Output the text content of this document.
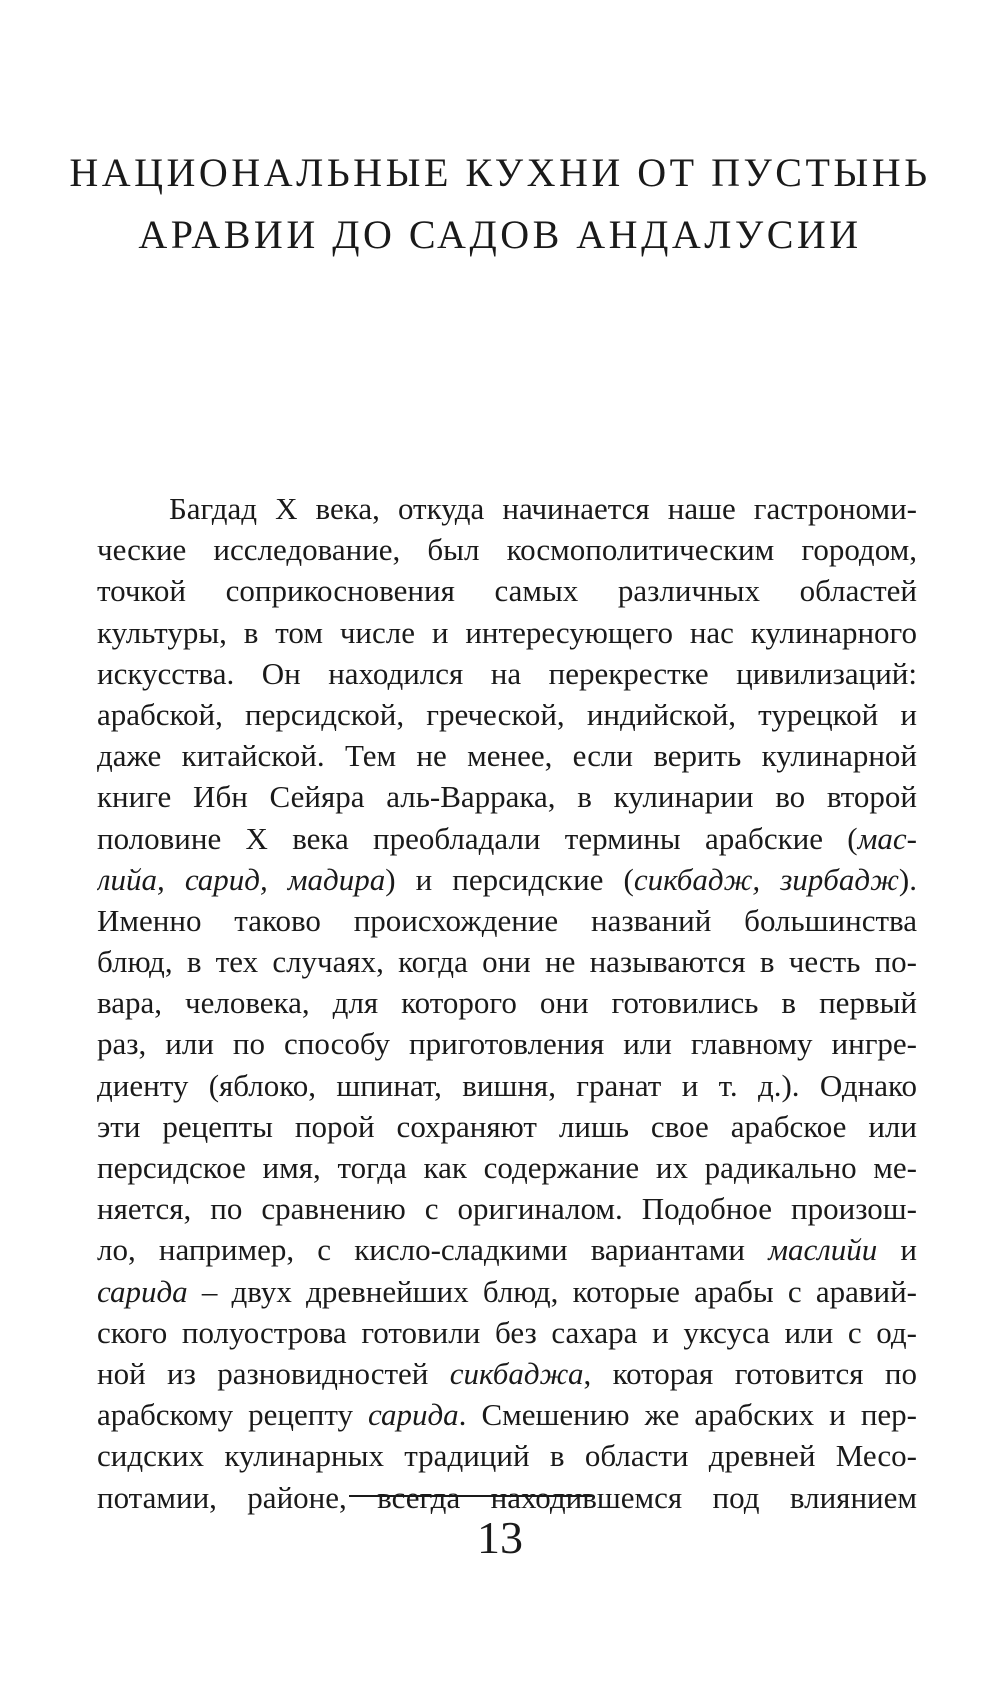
НАЦИОНАЛЬНЫЕ КУХНИ ОТ ПУСТЫНЬ
АРАВИИ ДО САДОВ АНДАЛУСИИ
Багдад X века, откуда начинается наше гастрономи-
ческие исследование, был космополитическим городом,
точкой соприкосновения самых различных областей
культуры, в том числе и интересующего нас кулинарного
искусства. Он находился на перекрестке цивилизаций:
арабской, персидской, греческой, индийской, турецкой и
даже китайской. Тем не менее, если верить кулинарной
книге Ибн Сейяра аль-Варрака, в кулинарии во второй
половине X века преобладали термины арабские (мас-
лийа, сарид, мадира) и персидские (сикбадж, зирбадж).
Именно таково происхождение названий большинства
блюд, в тех случаях, когда они не называются в честь по-
вара, человека, для которого они готовились в первый
раз, или по способу приготовления или главному ингре-
диенту (яблоко, шпинат, вишня, гранат и т. д.). Однако
эти рецепты порой сохраняют лишь свое арабское или
персидское имя, тогда как содержание их радикально ме-
няется, по сравнению с оригиналом. Подобное произош-
ло, например, с кисло-сладкими вариантами маслийи и
сарида – двух древнейших блюд, которые арабы с аравий-
ского полуострова готовили без сахара и уксуса или с од-
ной из разновидностей сикбаджа, которая готовится по
арабскому рецепту сарида. Смешению же арабских и пер-
сидских кулинарных традиций в области древней Месо-
потамии, районе, всегда находившемся под влиянием
13
